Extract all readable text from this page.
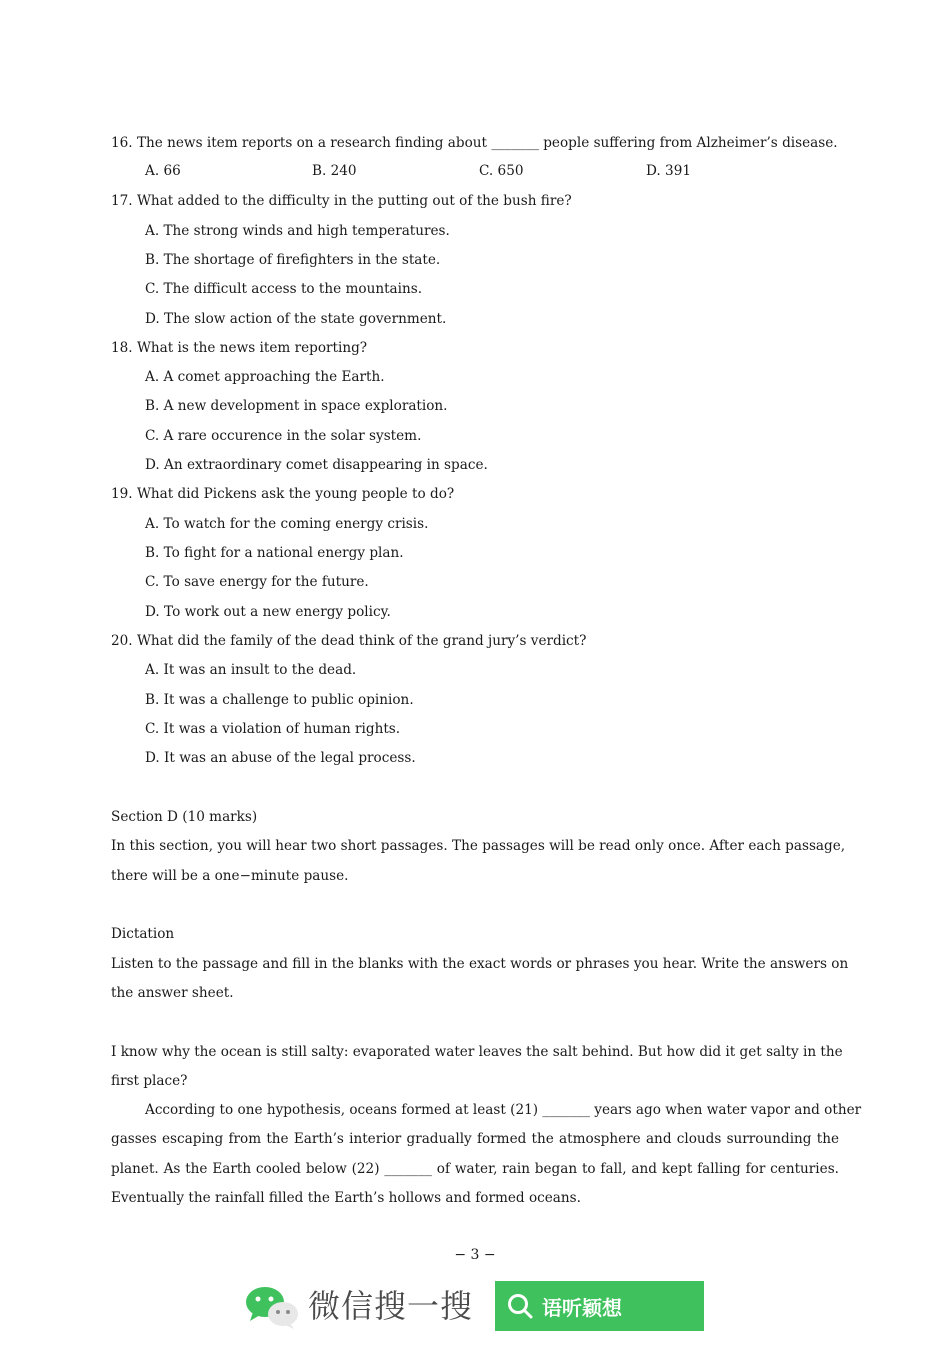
16. The news item reports on a research finding about _______ people suffering from Alzheimer’s disease.
A. 66	B. 240	C. 650	D. 391
17. What added to the difficulty in the putting out of the bush fire?
A. The strong winds and high temperatures.
B. The shortage of firefighters in the state.
C. The difficult access to the mountains.
D. The slow action of the state government.
18. What is the news item reporting?
A. A comet approaching the Earth.
B. A new development in space exploration.
C. A rare occurence in the solar system.
D. An extraordinary comet disappearing in space.
19. What did Pickens ask the young people to do?
A. To watch for the coming energy crisis.
B. To fight for a national energy plan.
C. To save energy for the future.
D. To work out a new energy policy.
20. What did the family of the dead think of the grand jury’s verdict?
A. It was an insult to the dead.
B. It was a challenge to public opinion.
C. It was a violation of human rights.
D. It was an abuse of the legal process.
Section D (10 marks)
In this section, you will hear two short passages. The passages will be read only once. After each passage,
there will be a one−minute pause.
Dictation
Listen to the passage and fill in the blanks with the exact words or phrases you hear. Write the answers on
the answer sheet.
I know why the ocean is still salty: evaporated water leaves the salt behind. But how did it get salty in the
first place?
According to one hypothesis, oceans formed at least (21) _______ years ago when water vapor and other
gasses escaping from the Earth’s interior gradually formed the atmosphere and clouds surrounding the
planet. As the Earth cooled below (22) _______ of water, rain began to fall, and kept falling for centuries.
Eventually the rainfall filled the Earth’s hollows and formed oceans.
− 3 −
微信搜一搜	语听颖想
